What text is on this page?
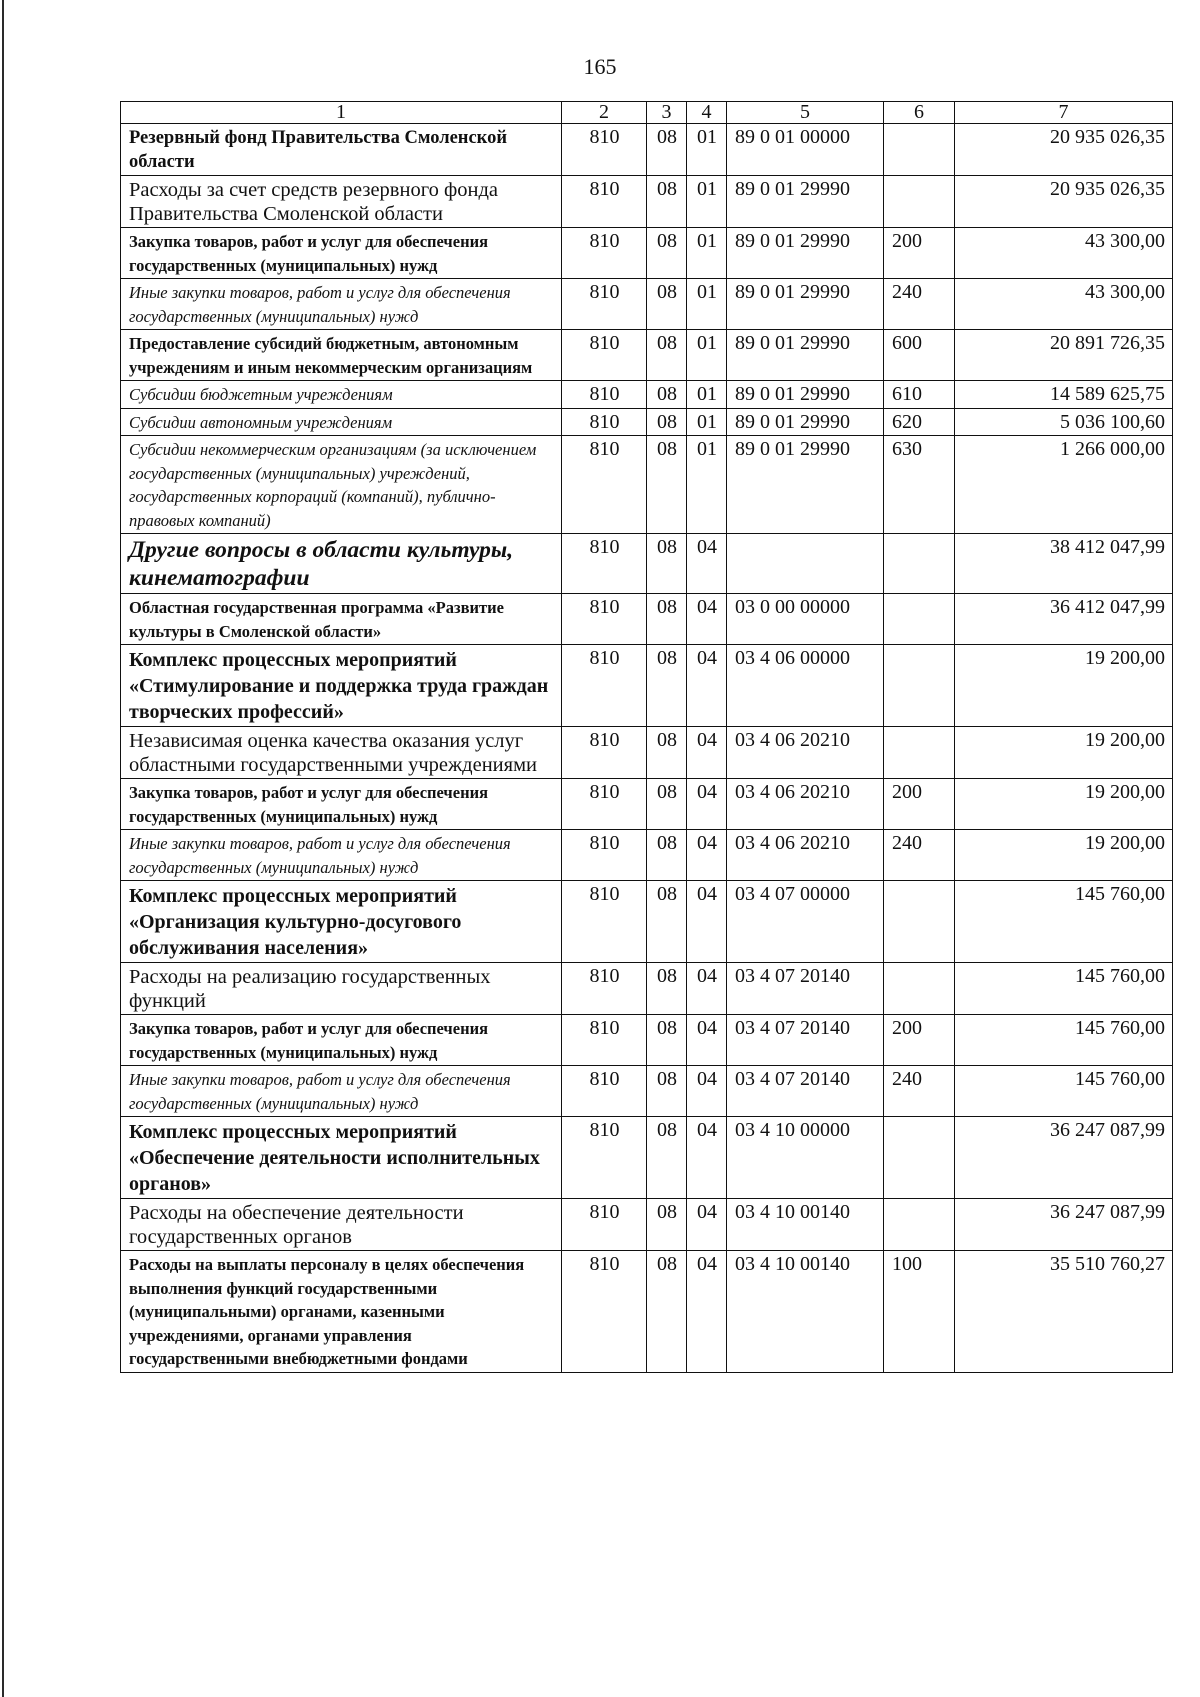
165
1	2	3	4	5	6	7
Резервный фонд Правительства Смоленской области	810	08	01	89 0 01 00000		20 935 026,35
Расходы за счет средств резервного фонда Правительства Смоленской области	810	08	01	89 0 01 29990		20 935 026,35
Закупка товаров, работ и услуг для обеспечения государственных (муниципальных) нужд	810	08	01	89 0 01 29990	200	43 300,00
Иные закупки товаров, работ и услуг для обеспечения государственных (муниципальных) нужд	810	08	01	89 0 01 29990	240	43 300,00
Предоставление субсидий бюджетным, автономным учреждениям и иным некоммерческим организациям	810	08	01	89 0 01 29990	600	20 891 726,35
Субсидии бюджетным учреждениям	810	08	01	89 0 01 29990	610	14 589 625,75
Субсидии автономным учреждениям	810	08	01	89 0 01 29990	620	5 036 100,60
Субсидии некоммерческим организациям (за исключением государственных (муниципальных) учреждений, государственных корпораций (компаний), публично-правовых компаний)	810	08	01	89 0 01 29990	630	1 266 000,00
Другие вопросы в области культуры, кинематографии	810	08	04			38 412 047,99
Областная государственная программа «Развитие культуры в Смоленской области»	810	08	04	03 0 00 00000		36 412 047,99
Комплекс процессных мероприятий «Стимулирование и поддержка труда граждан творческих профессий»	810	08	04	03 4 06 00000		19 200,00
Независимая оценка качества оказания услуг областными государственными учреждениями	810	08	04	03 4 06 20210		19 200,00
Закупка товаров, работ и услуг для обеспечения государственных (муниципальных) нужд	810	08	04	03 4 06 20210	200	19 200,00
Иные закупки товаров, работ и услуг для обеспечения государственных (муниципальных) нужд	810	08	04	03 4 06 20210	240	19 200,00
Комплекс процессных мероприятий «Организация культурно-досугового обслуживания населения»	810	08	04	03 4 07 00000		145 760,00
Расходы на реализацию государственных функций	810	08	04	03 4 07 20140		145 760,00
Закупка товаров, работ и услуг для обеспечения государственных (муниципальных) нужд	810	08	04	03 4 07 20140	200	145 760,00
Иные закупки товаров, работ и услуг для обеспечения государственных (муниципальных) нужд	810	08	04	03 4 07 20140	240	145 760,00
Комплекс процессных мероприятий «Обеспечение деятельности исполнительных органов»	810	08	04	03 4 10 00000		36 247 087,99
Расходы на обеспечение деятельности государственных органов	810	08	04	03 4 10 00140		36 247 087,99
Расходы на выплаты персоналу в целях обеспечения выполнения функций государственными (муниципальными) органами, казенными учреждениями, органами управления государственными внебюджетными фондами	810	08	04	03 4 10 00140	100	35 510 760,27
